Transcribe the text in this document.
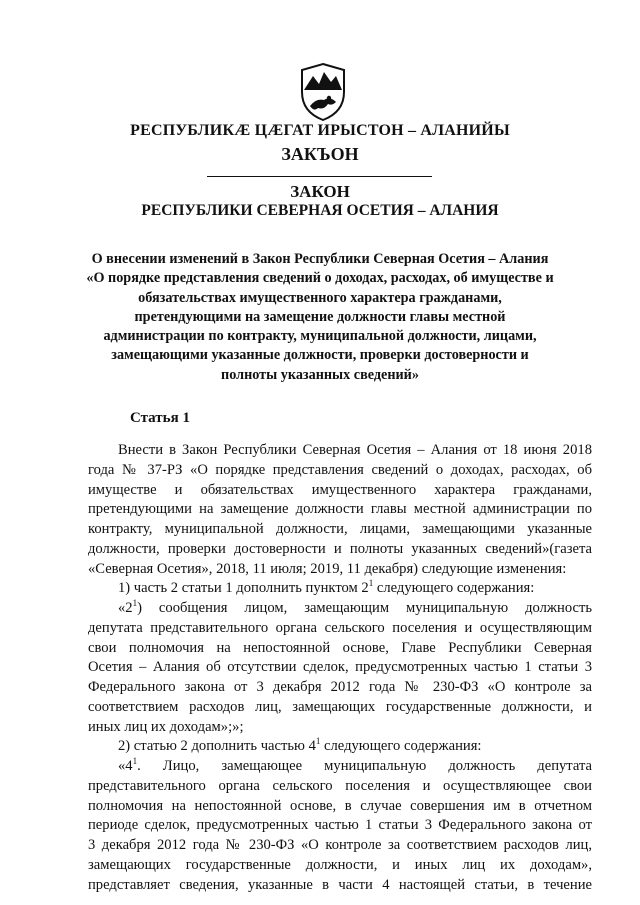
РЕСПУБЛИКÆ ЦÆГАТ ИРЫСТОН – АЛАНИЙЫ
ЗАКЪОН
ЗАКОН
РЕСПУБЛИКИ СЕВЕРНАЯ ОСЕТИЯ – АЛАНИЯ
О внесении изменений в Закон Республики Северная Осетия – Алания
«О порядке представления сведений о доходах, расходах, об имуществе и
обязательствах имущественного характера гражданами,
претендующими на замещение должности главы местной
администрации по контракту, муниципальной должности, лицами,
замещающими указанные должности, проверки достоверности и
полноты указанных сведений»
Статья 1
Внести в Закон Республики Северная Осетия – Алания от 18 июня 2018
года № 37-РЗ «О порядке представления сведений о доходах, расходах, об
имуществе и обязательствах имущественного характера гражданами,
претендующими на замещение должности главы местной администрации по
контракту, муниципальной должности, лицами, замещающими указанные
должности, проверки достоверности и полноты указанных сведений»(газета
«Северная Осетия», 2018, 11 июля; 2019, 11 декабря) следующие изменения:
1) часть 2 статьи 1 дополнить пунктом $2^1$ следующего содержания:
«$2^1$) сообщения лицом, замещающим муниципальную должность
депутата представительного органа сельского поселения и осуществляющим
свои полномочия на непостоянной основе, Главе Республики Северная
Осетия – Алания об отсутствии сделок, предусмотренных частью 1 статьи 3
Федерального закона от 3 декабря 2012 года № 230-ФЗ «О контроле за
соответствием расходов лиц, замещающих государственные должности, и
иных лиц их доходам»;»;
2) статью 2 дополнить частью $4^1$ следующего содержания:
«$4^1$. Лицо, замещающее муниципальную должность депутата
представительного органа сельского поселения и осуществляющее свои
полномочия на непостоянной основе, в случае совершения им в отчетном
периоде сделок, предусмотренных частью 1 статьи 3 Федерального закона от
3 декабря 2012 года № 230-ФЗ «О контроле за соответствием расходов лиц,
замещающих государственные должности, и иных лиц их доходам»,
представляет сведения, указанные в части 4 настоящей статьи, в течение
